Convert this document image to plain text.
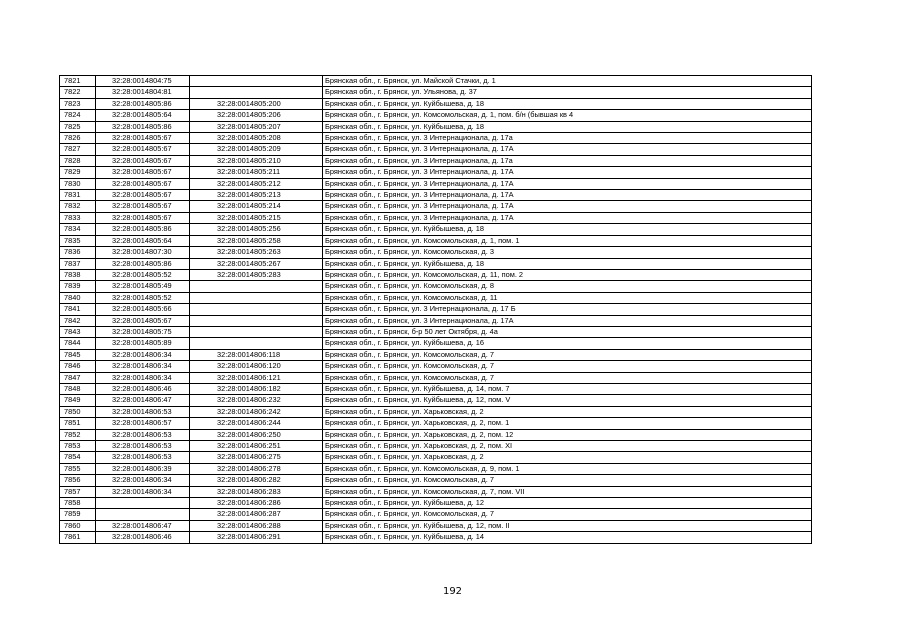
7821	32:28:0014804:75		Брянская обл., г. Брянск, ул. Майской Стачки, д. 1
7822	32:28:0014804:81		Брянская обл., г. Брянск, ул. Ульянова, д. 37
7823	32:28:0014805:86	32:28:0014805:200	Брянская обл., г. Брянск, ул. Куйбышева, д. 18
7824	32:28:0014805:64	32:28:0014805:206	Брянская обл., г. Брянск, ул. Комсомольская, д. 1, пом. б/н (бывшая кв 4
7825	32:28:0014805:86	32:28:0014805:207	Брянская обл., г. Брянск, ул. Куйбышева, д. 18
7826	32:28:0014805:67	32:28:0014805:208	Брянская обл., г. Брянск, ул. 3 Интернационала, д. 17а
7827	32:28:0014805:67	32:28:0014805:209	Брянская обл., г. Брянск, ул. 3 Интернационала, д. 17А
7828	32:28:0014805:67	32:28:0014805:210	Брянская обл., г. Брянск, ул. 3 Интернационала, д. 17а
7829	32:28:0014805:67	32:28:0014805:211	Брянская обл., г. Брянск, ул. 3 Интернационала, д. 17А
7830	32:28:0014805:67	32:28:0014805:212	Брянская обл., г. Брянск, ул. 3 Интернационала, д. 17А
7831	32:28:0014805:67	32:28:0014805:213	Брянская обл., г. Брянск, ул. 3 Интернационала, д. 17А
7832	32:28:0014805:67	32:28:0014805:214	Брянская обл., г. Брянск, ул. 3 Интернационала, д. 17А
7833	32:28:0014805:67	32:28:0014805:215	Брянская обл., г. Брянск, ул. 3 Интернационала, д. 17А
7834	32:28:0014805:86	32:28:0014805:256	Брянская обл., г. Брянск, ул. Куйбышева, д. 18
7835	32:28:0014805:64	32:28:0014805:258	Брянская обл., г. Брянск, ул. Комсомольская, д. 1, пом. 1
7836	32:28:0014807:30	32:28:0014805:263	Брянская обл., г. Брянск, ул. Комсомольская, д. 3
7837	32:28:0014805:86	32:28:0014805:267	Брянская обл., г. Брянск, ул. Куйбышева, д. 18
7838	32:28:0014805:52	32:28:0014805:283	Брянская обл., г. Брянск, ул. Комсомольская, д. 11, пом. 2
7839	32:28:0014805:49		Брянская обл., г. Брянск, ул. Комсомольская, д. 8
7840	32:28:0014805:52		Брянская обл., г. Брянск, ул. Комсомольская, д. 11
7841	32:28:0014805:66		Брянская обл., г. Брянск, ул. 3 Интернационала, д. 17 Б
7842	32:28:0014805:67		Брянская обл., г. Брянск, ул. 3 Интернационала, д. 17А
7843	32:28:0014805:75		Брянская обл., г. Брянск, б-р 50 лет Октября, д. 4а
7844	32:28:0014805:89		Брянская обл., г. Брянск, ул. Куйбышева, д. 16
7845	32:28:0014806:34	32:28:0014806:118	Брянская обл., г. Брянск, ул. Комсомольская, д. 7
7846	32:28:0014806:34	32:28:0014806:120	Брянская обл., г. Брянск, ул. Комсомольская, д. 7
7847	32:28:0014806:34	32:28:0014806:121	Брянская обл., г. Брянск, ул. Комсомольская, д. 7
7848	32:28:0014806:46	32:28:0014806:182	Брянская обл., г. Брянск, ул. Куйбышева, д. 14, пом. 7
7849	32:28:0014806:47	32:28:0014806:232	Брянская обл., г. Брянск, ул. Куйбышева, д. 12, пом. V
7850	32:28:0014806:53	32:28:0014806:242	Брянская обл., г. Брянск, ул. Харьковская, д. 2
7851	32:28:0014806:57	32:28:0014806:244	Брянская обл., г. Брянск, ул. Харьковская, д. 2, пом. 1
7852	32:28:0014806:53	32:28:0014806:250	Брянская обл., г. Брянск, ул. Харьковская, д. 2, пом. 12
7853	32:28:0014806:53	32:28:0014806:251	Брянская обл., г. Брянск, ул. Харьковская, д. 2, пом. XI
7854	32:28:0014806:53	32:28:0014806:275	Брянская обл., г. Брянск, ул. Харьковская, д. 2
7855	32:28:0014806:39	32:28:0014806:278	Брянская обл., г. Брянск, ул. Комсомольская, д. 9, пом. 1
7856	32:28:0014806:34	32:28:0014806:282	Брянская обл., г. Брянск, ул. Комсомольская, д. 7
7857	32:28:0014806:34	32:28:0014806:283	Брянская обл., г. Брянск, ул. Комсомольская, д. 7, пом. VII
7858		32:28:0014806:286	Брянская обл., г. Брянск, ул. Куйбышева, д. 12
7859		32:28:0014806:287	Брянская обл., г. Брянск, ул. Комсомольская, д. 7
7860	32:28:0014806:47	32:28:0014806:288	Брянская обл., г. Брянск, ул. Куйбышева, д. 12, пом. II
7861	32:28:0014806:46	32:28:0014806:291	Брянская обл., г. Брянск, ул. Куйбышева, д. 14
192
